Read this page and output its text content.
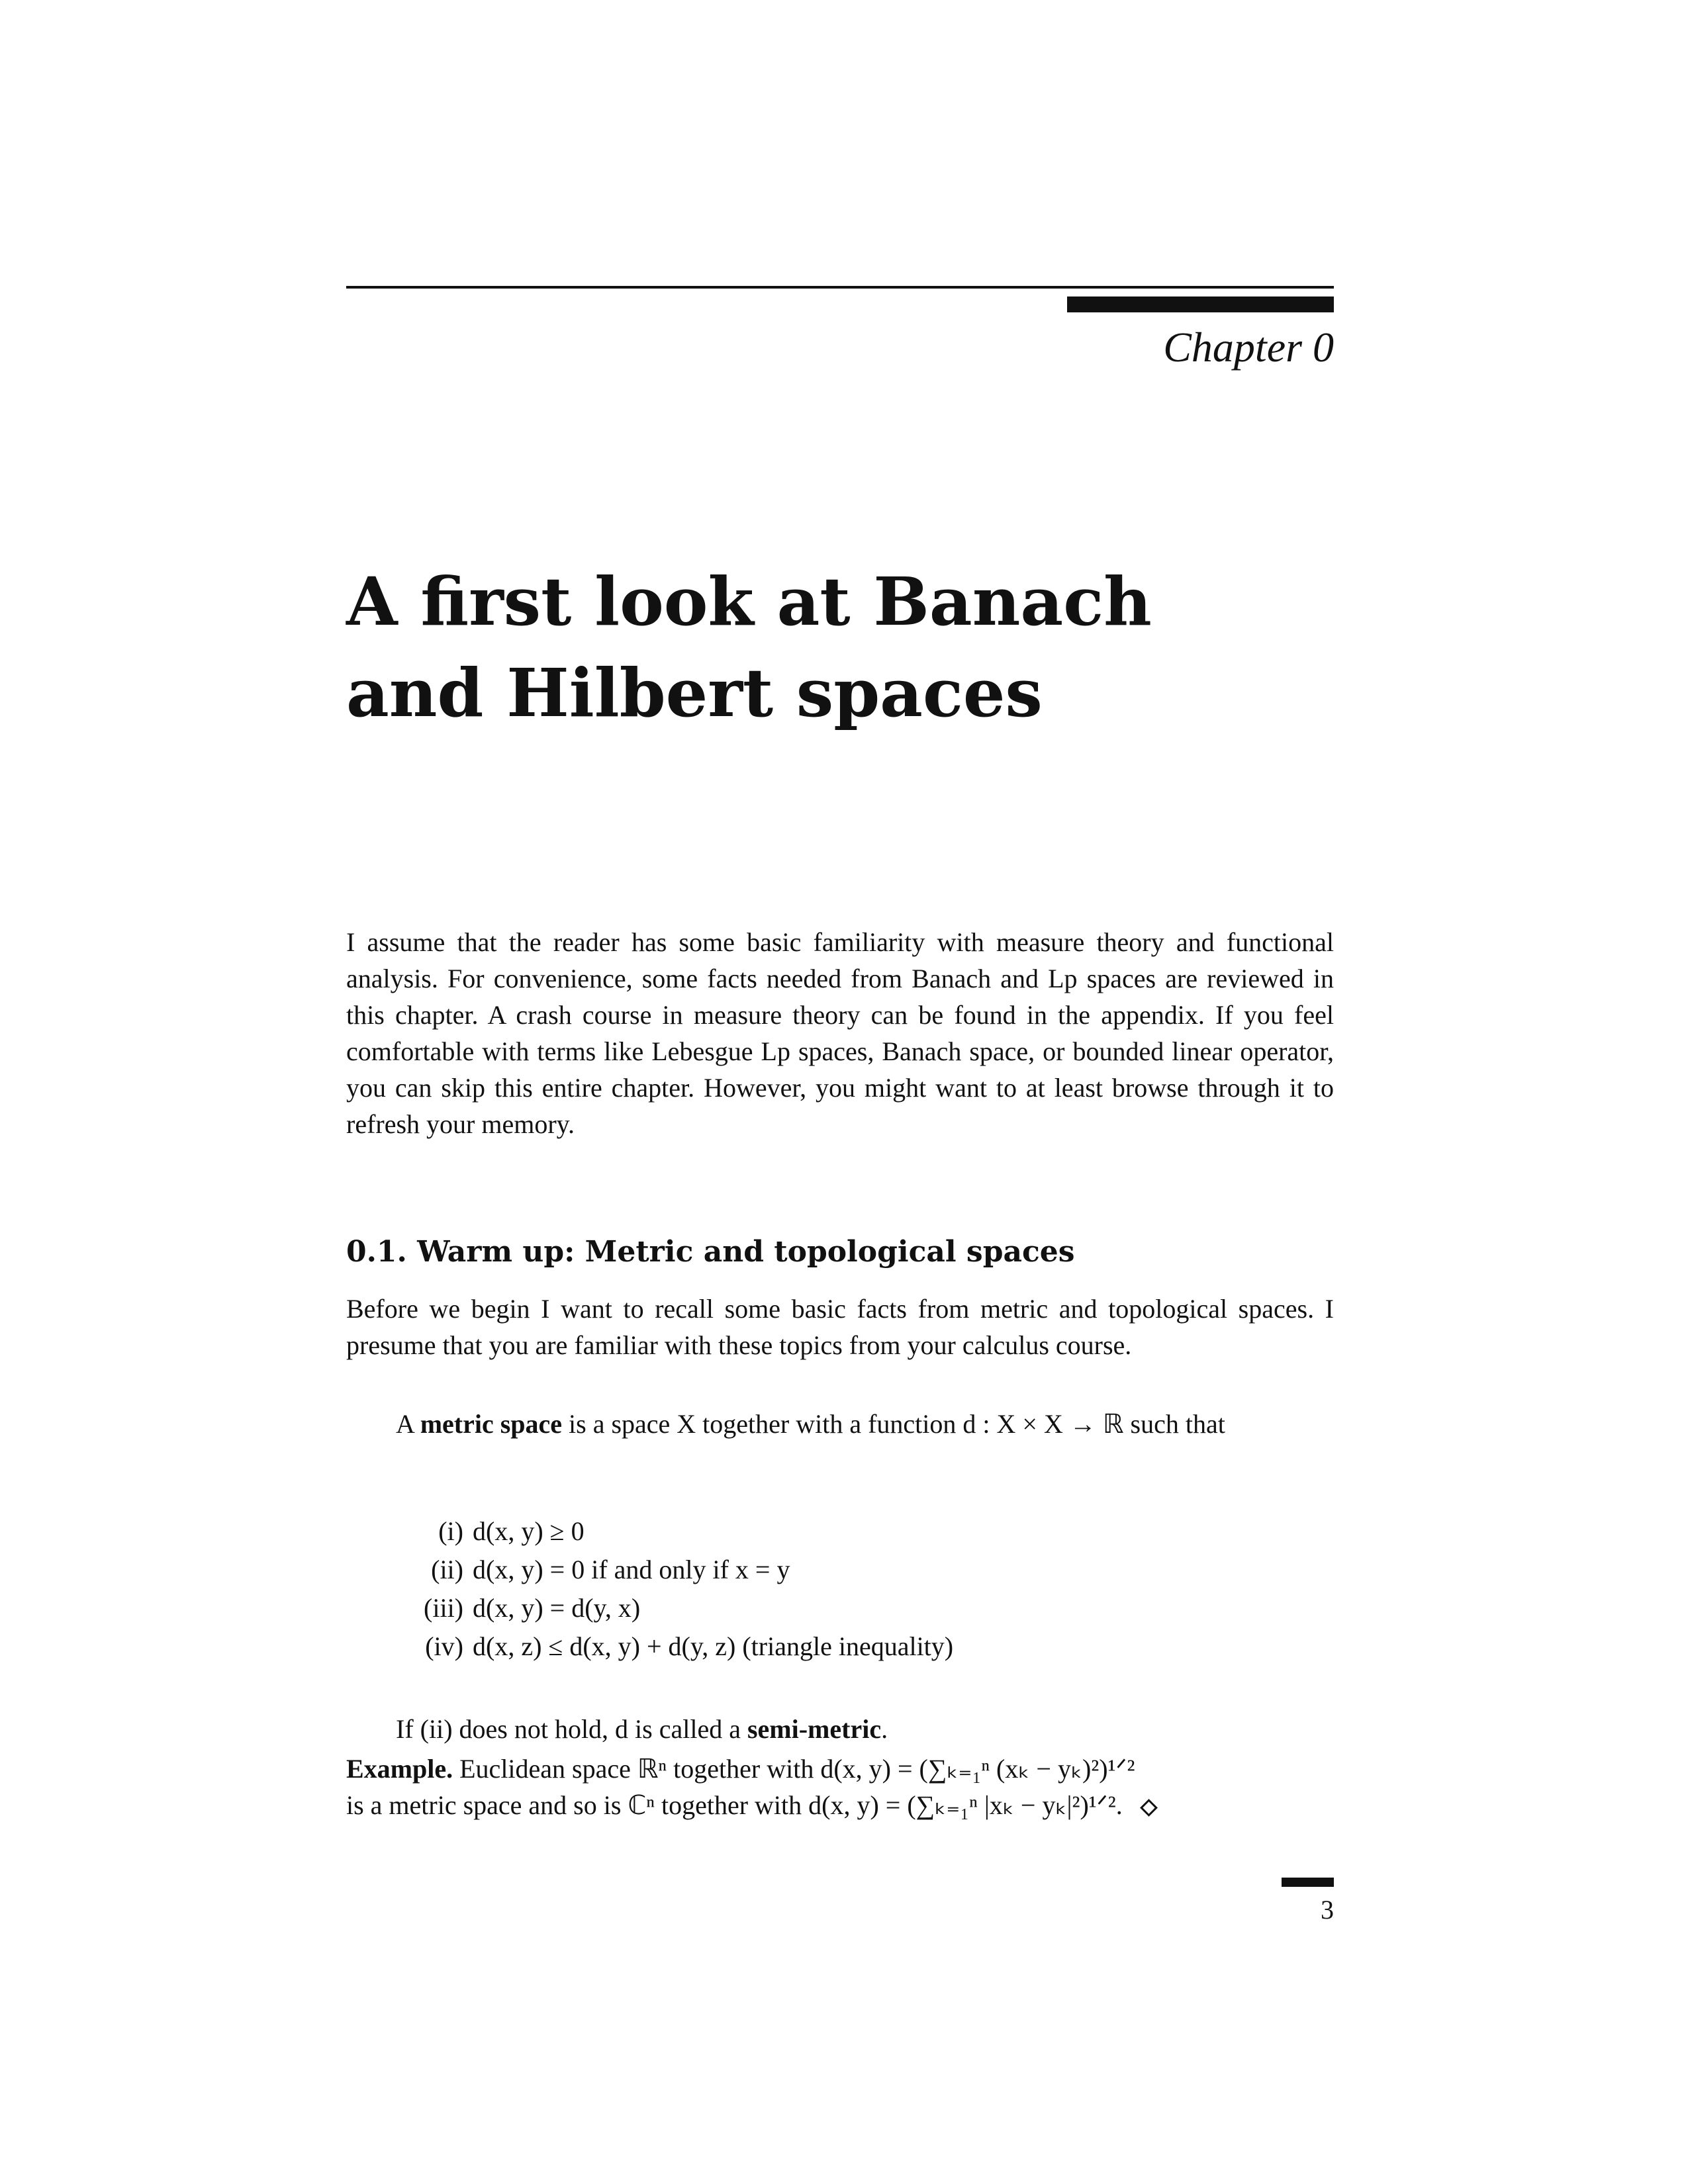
Chapter 0
A first look at Banach
and Hilbert spaces
I assume that the reader has some basic familiarity with measure theory and functional analysis. For convenience, some facts needed from Banach and Lp spaces are reviewed in this chapter. A crash course in measure theory can be found in the appendix. If you feel comfortable with terms like Lebesgue Lp spaces, Banach space, or bounded linear operator, you can skip this entire chapter. However, you might want to at least browse through it to refresh your memory.
0.1. Warm up: Metric and topological spaces
Before we begin I want to recall some basic facts from metric and topological spaces. I presume that you are familiar with these topics from your calculus course.
A metric space is a space X together with a function d : X × X → ℝ such that
(i) d(x, y) ≥ 0
(ii) d(x, y) = 0 if and only if x = y
(iii) d(x, y) = d(y, x)
(iv) d(x, z) ≤ d(x, y) + d(y, z) (triangle inequality)
If (ii) does not hold, d is called a semi-metric.
Example. Euclidean space ℝⁿ together with d(x, y) = (∑ₖ₌₁ⁿ (xₖ − yₖ)²)¹ᐟ²
is a metric space and so is ℂⁿ together with d(x, y) = (∑ₖ₌₁ⁿ |xₖ − yₖ|²)¹ᐟ².
3
